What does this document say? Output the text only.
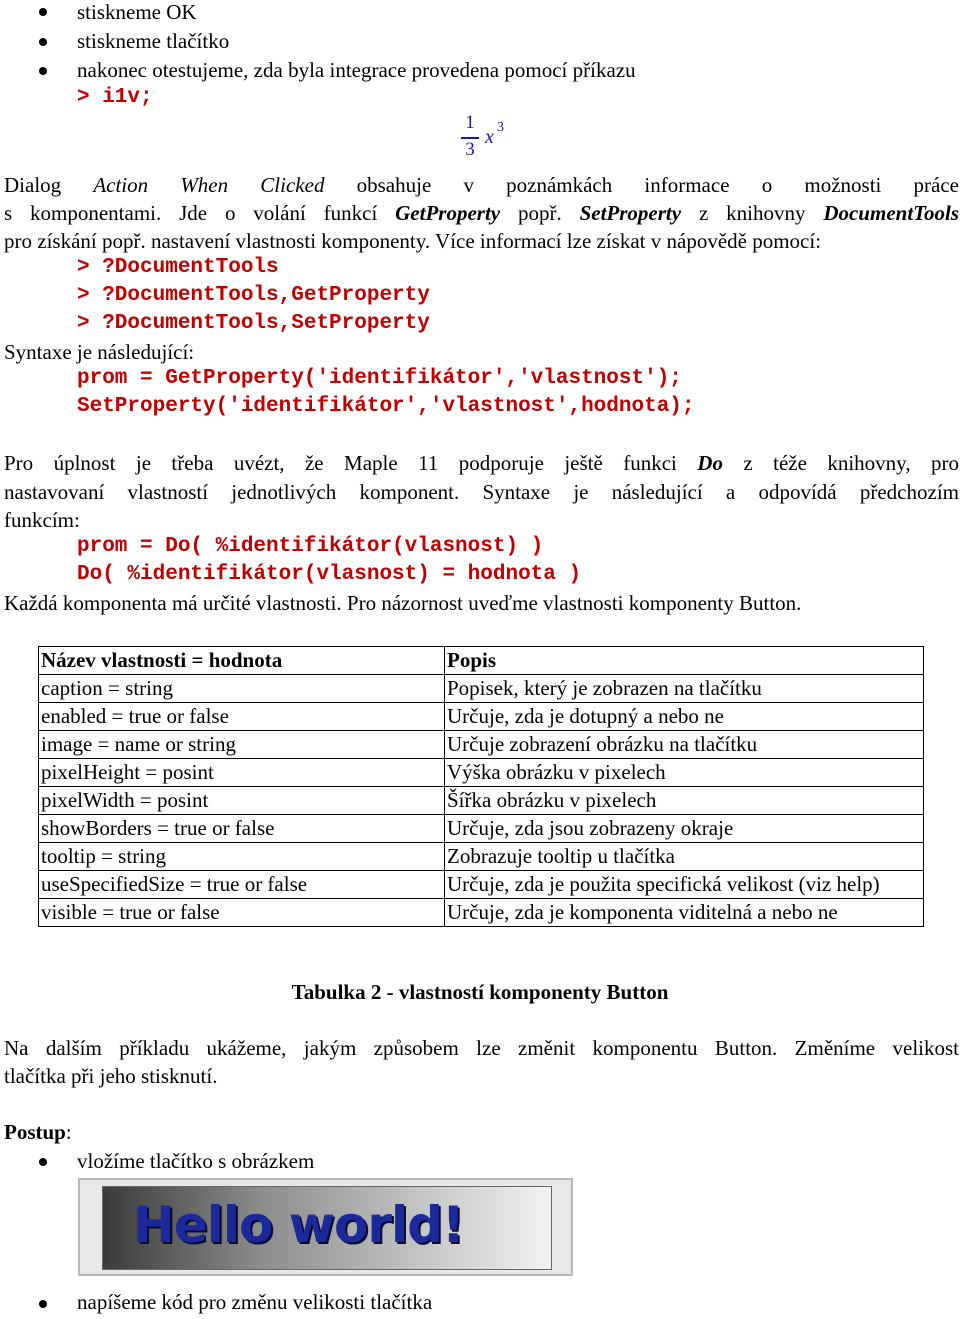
stiskneme OK
stiskneme tlačítko
nakonec otestujeme, zda byla integrace provedena pomocí příkazu
> i1v;
1
3
x 3
Dialog Action When Clicked obsahuje v poznámkách informace o možnosti práce
s komponentami. Jde o volání funkcí GetProperty popř. SetProperty z knihovny DocumentTools
pro získání popř. nastavení vlastnosti komponenty. Více informací lze získat v nápovědě pomocí:
> ?DocumentTools
> ?DocumentTools,GetProperty
> ?DocumentTools,SetProperty
Syntaxe je následující:
prom = GetProperty('identifikátor','vlastnost');
SetProperty('identifikátor','vlastnost',hodnota);
Pro úplnost je třeba uvézt, že Maple 11 podporuje ještě funkci Do z téže knihovny, pro
nastavovaní vlastností jednotlivých komponent. Syntaxe je následující a odpovídá předchozím
funkcím:
prom = Do( %identifikátor(vlasnost) )
Do( %identifikátor(vlasnost) = hodnota )
Každá komponenta má určité vlastnosti. Pro názornost uveďme vlastnosti komponenty Button.
Název vlastnosti = hodnota	Popis
caption = string	Popisek, který je zobrazen na tlačítku
enabled = true or false	Určuje, zda je dotupný a nebo ne
image = name or string	Určuje zobrazení obrázku na tlačítku
pixelHeight = posint	Výška obrázku v pixelech
pixelWidth = posint	Šířka obrázku v pixelech
showBorders = true or false	Určuje, zda jsou zobrazeny okraje
tooltip = string	Zobrazuje tooltip u tlačítka
useSpecifiedSize = true or false	Určuje, zda je použita specifická velikost (viz help)
visible = true or false	Určuje, zda je komponenta viditelná a nebo ne
Tabulka 2 - vlastností komponenty Button
Na dalším příkladu ukážeme, jakým způsobem lze změnit komponentu Button. Změníme velikost
tlačítka při jeho stisknutí.
Postup:
vložíme tlačítko s obrázkem
Hello world!
napíšeme kód pro změnu velikosti tlačítka
